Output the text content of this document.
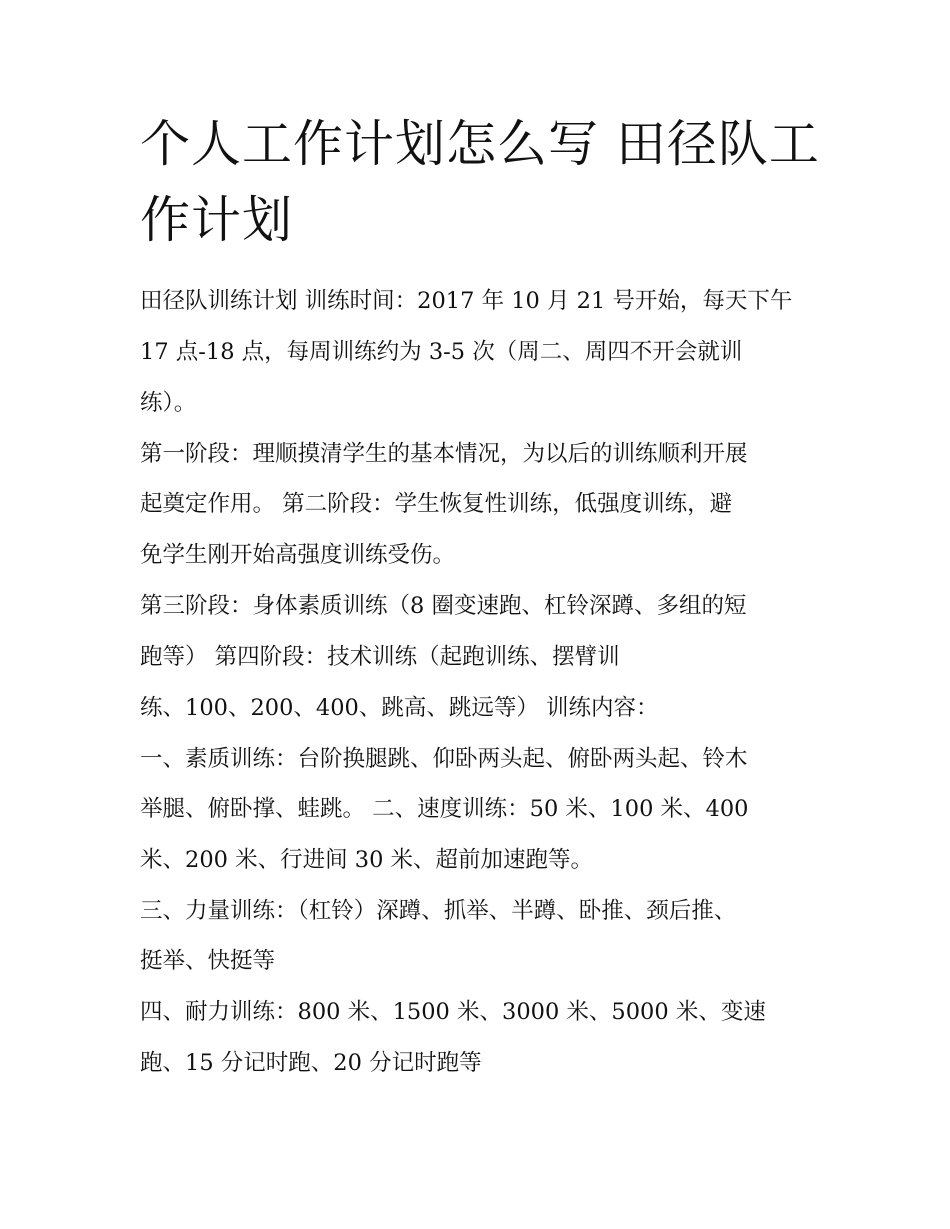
个人工作计划怎么写 田径队工作计划
田径队训练计划 训练时间：2017 年 10 月 21 号开始，每天下午
17 点-18 点，每周训练约为 3-5 次（周二、周四不开会就训
练）。
第一阶段：理顺摸清学生的基本情况，为以后的训练顺利开展
起奠定作用。 第二阶段：学生恢复性训练，低强度训练，避
免学生刚开始高强度训练受伤。
第三阶段：身体素质训练（8 圈变速跑、杠铃深蹲、多组的短
跑等） 第四阶段：技术训练（起跑训练、摆臂训
练、100、200、400、跳高、跳远等） 训练内容：
一、素质训练：台阶换腿跳、仰卧两头起、俯卧两头起、铃木
举腿、俯卧撑、蛙跳。 二、速度训练：50 米、100 米、400
米、200 米、行进间 30 米、超前加速跑等。
三、力量训练：（杠铃）深蹲、抓举、半蹲、卧推、颈后推、
挺举、快挺等
四、耐力训练：800 米、1500 米、3000 米、5000 米、变速
跑、15 分记时跑、20 分记时跑等
